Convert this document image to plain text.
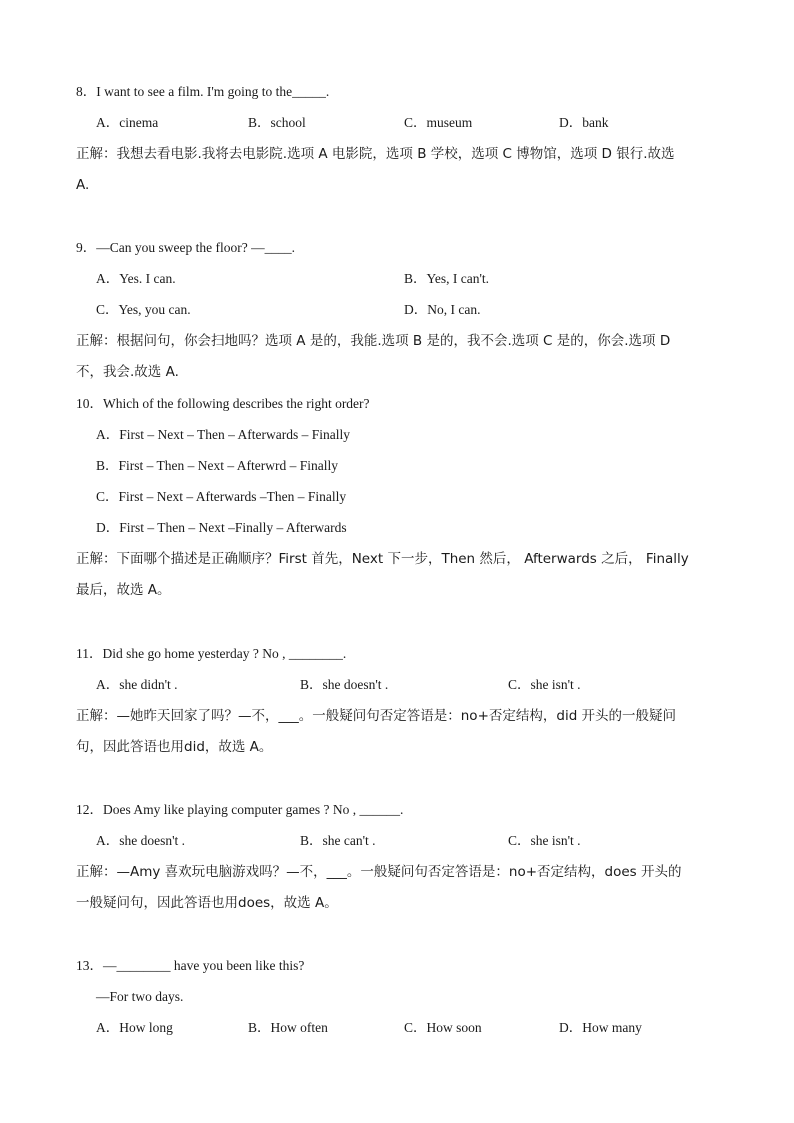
8．I want to see a film. I'm going to the_____.
A．cinema	B．school	C．museum	D．bank
正解：我想去看电影.我将去电影院.选项 A 电影院，选项 B 学校，选项 C 博物馆，选项 D 银行.故选
A.
9．—Can you sweep the floor? —____.
A．Yes. I can.	B．Yes, I can't.
C．Yes, you can.	D．No, I can.
正解：根据问句，你会扫地吗？选项 A 是的，我能.选项 B 是的，我不会.选项 C 是的，你会.选项 D
不，我会.故选 A.
10．Which of the following describes the right order?
A．First – Next – Then – Afterwards – Finally
B．First – Then – Next – Afterwrd – Finally
C．First – Next – Afterwards –Then – Finally
D．First – Then – Next –Finally – Afterwards
正解：下面哪个描述是正确顺序？First 首先，Next 下一步，Then 然后， Afterwards 之后， Finally
最后，故选 A。
11．Did she go home yesterday ? No , ________.
A．she didn't .	B．she doesn't .	C．she isn't .
正解：—她昨天回家了吗？—不，___。一般疑问句否定答语是：no+否定结构，did 开头的一般疑问
句，因此答语也用did，故选 A。
12．Does Amy like playing computer games ? No , ______.
A．she doesn't .	B．she can't .	C．she isn't .
正解：—Amy 喜欢玩电脑游戏吗？—不，___。一般疑问句否定答语是：no+否定结构，does 开头的
一般疑问句，因此答语也用does，故选 A。
13．—________ have you been like this?
—For two days.
A．How long	B．How often	C．How soon	D．How many
